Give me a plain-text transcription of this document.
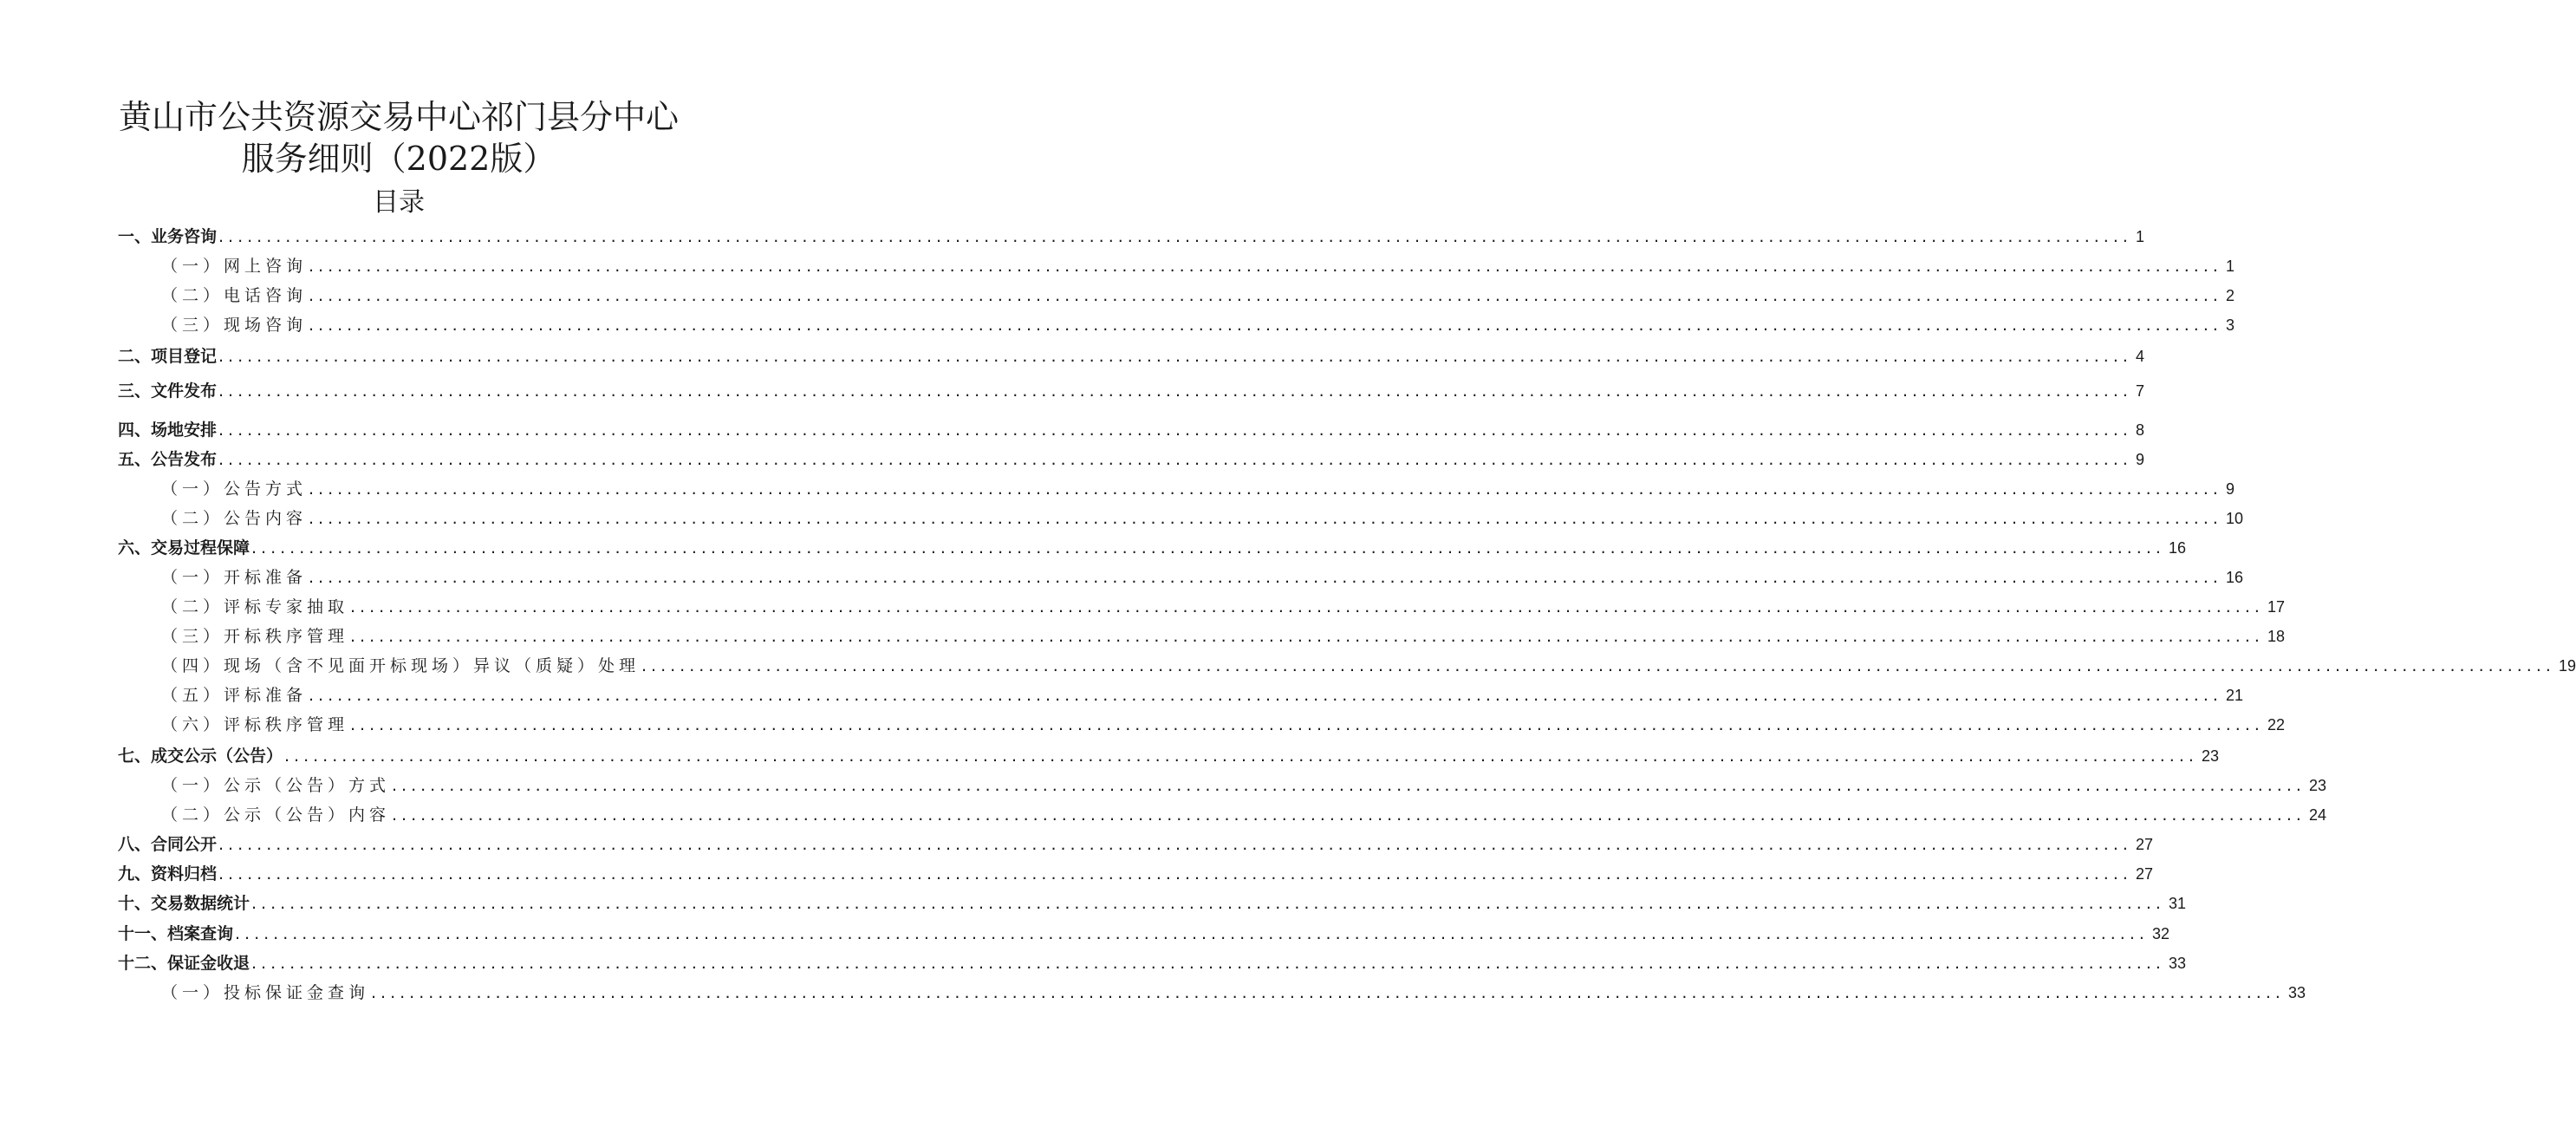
黄山市公共资源交易中心祁门县分中心
服务细则（2022版）
目录
一、业务咨询 ........................................................................................................................................................................................................ 1
（一）网上咨询 ........................................................................................................................................................................................................ 1
（二）电话咨询 ........................................................................................................................................................................................................ 2
（三）现场咨询 ........................................................................................................................................................................................................ 3
二、项目登记 ........................................................................................................................................................................................................ 4
三、文件发布 ........................................................................................................................................................................................................ 7
四、场地安排 ........................................................................................................................................................................................................ 8
五、公告发布 ........................................................................................................................................................................................................ 9
（一）公告方式 ........................................................................................................................................................................................................ 9
（二）公告内容 ........................................................................................................................................................................................................ 10
六、交易过程保障 ........................................................................................................................................................................................................ 16
（一）开标准备 ........................................................................................................................................................................................................ 16
（二）评标专家抽取 ........................................................................................................................................................................................................ 17
（三）开标秩序管理 ........................................................................................................................................................................................................ 18
（四）现场（含不见面开标现场）异议（质疑）处理 ........................................................................................................................................................................................................ 19
（五）评标准备 ........................................................................................................................................................................................................ 21
（六）评标秩序管理 ........................................................................................................................................................................................................ 22
七、成交公示（公告） ........................................................................................................................................................................................................ 23
（一）公示（公告）方式 ........................................................................................................................................................................................................ 23
（二）公示（公告）内容 ........................................................................................................................................................................................................ 24
八、合同公开 ........................................................................................................................................................................................................ 27
九、资料归档 ........................................................................................................................................................................................................ 27
十、交易数据统计 ........................................................................................................................................................................................................ 31
十一、档案查询 ........................................................................................................................................................................................................ 32
十二、保证金收退 ........................................................................................................................................................................................................ 33
（一）投标保证金查询 ........................................................................................................................................................................................................ 33
